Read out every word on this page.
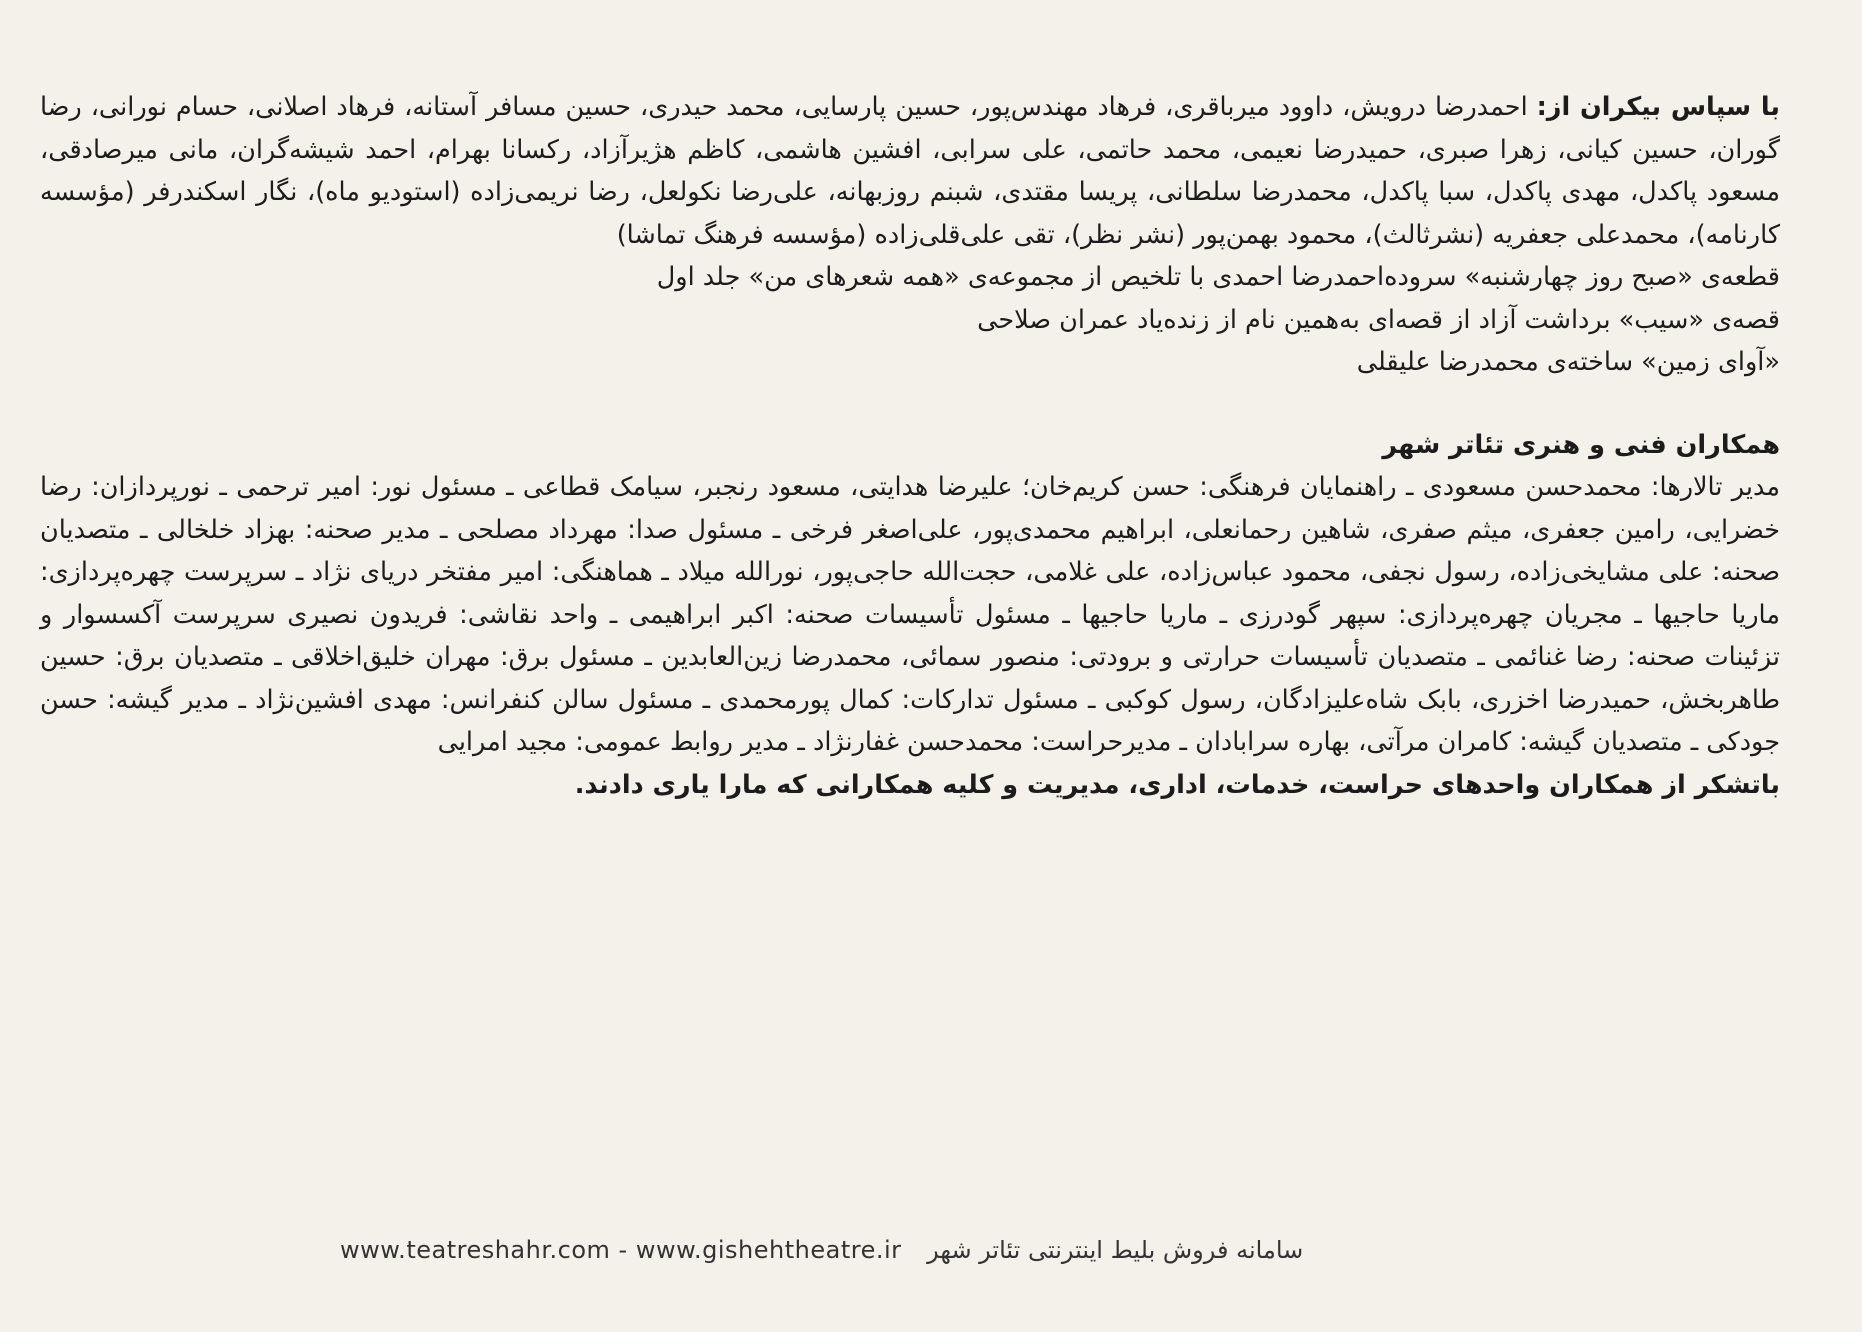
با سپاس بیکران از: احمدرضا درویش، داوود میرباقری، فرهاد مهندس‌پور، حسین پارسایی، محمد حیدری، حسین مسافر آستانه، فرهاد اصلانی، حسام نورانی، رضا گوران، حسین کیانی، زهرا صبری، حمیدرضا نعیمی، محمد حاتمی، علی سرابی، افشین هاشمی، کاظم هژیرآزاد، رکسانا بهرام، احمد شیشه‌گران، مانی میرصادقی، مسعود پاکدل، مهدی پاکدل، سبا پاکدل، محمدرضا سلطانی، پریسا مقتدی، شبنم روزبهانه، علی‌رضا نکولعل، رضا نریمی‌زاده (استودیو ماه)، نگار اسکندرفر (مؤسسه کارنامه)، محمدعلی جعفریه (نشرثالث)، محمود بهمن‌پور (نشر نظر)، تقی علی‌قلی‌زاده (مؤسسه فرهنگ تماشا)

قطعه‌ی «صبح روز چهارشنبه» سروده‌احمدرضا احمدی با تلخیص از مجموعه‌ی «همه شعرهای من» جلد اول
قصه‌ی «سیب» برداشت آزاد از قصه‌ای به‌همین نام از زنده‌یاد عمران صلاحی
«آوای زمین» ساخته‌ی محمدرضا علیقلی

همکاران فنی و هنری تئاتر شهر

مدیر تالارها: محمدحسن مسعودی ـ راهنمایان فرهنگی: حسن کریم‌خان؛ علیرضا هدایتی، مسعود رنجبر، سیامک قطاعی ـ مسئول نور: امیر ترحمی ـ نورپردازان: رضا خضرایی، رامین جعفری، میثم صفری، شاهین رحمانعلی، ابراهیم محمدی‌پور، علی‌اصغر فرخی ـ مسئول صدا: مهرداد مصلحی ـ مدیر صحنه: بهزاد خلخالی ـ متصدیان صحنه: علی مشایخی‌زاده، رسول نجفی، محمود عباس‌زاده، علی غلامی، حجت‌الله حاجی‌پور، نورالله میلاد ـ هماهنگی: امیر مفتخر دریای نژاد ـ سرپرست چهره‌پردازی: ماریا حاجیها ـ مجریان چهره‌پردازی: سپهر گودرزی ـ ماریا حاجیها ـ مسئول تأسیسات صحنه: اکبر ابراهیمی ـ واحد نقاشی: فریدون نصیری سرپرست آکسسوار و تزئینات صحنه: رضا غنائمی ـ متصدیان تأسیسات حرارتی و برودتی: منصور سمائی، محمدرضا زین‌العابدین ـ مسئول برق: مهران خلیق‌اخلاقی ـ متصدیان برق: حسین طاهربخش، حمیدرضا اخزری، بابک شاه‌علیزادگان، رسول کوکبی ـ مسئول تدارکات: کمال پورمحمدی ـ مسئول سالن کنفرانس: مهدی افشین‌نژاد ـ مدیر گیشه: حسن جودکی ـ متصدیان گیشه: کامران مرآتی، بهاره سرابادان ـ مدیرحراست: محمدحسن غفارنژاد ـ مدیر روابط عمومی: مجید امرایی

باتشکر از همکاران واحدهای حراست، خدمات، اداری، مدیریت و کلیه همکارانی که مارا یاری دادند.

سامانه فروش بلیط اینترنتی تئاتر شهر www.teatreshahr.com - www.gishehtheatre.ir
